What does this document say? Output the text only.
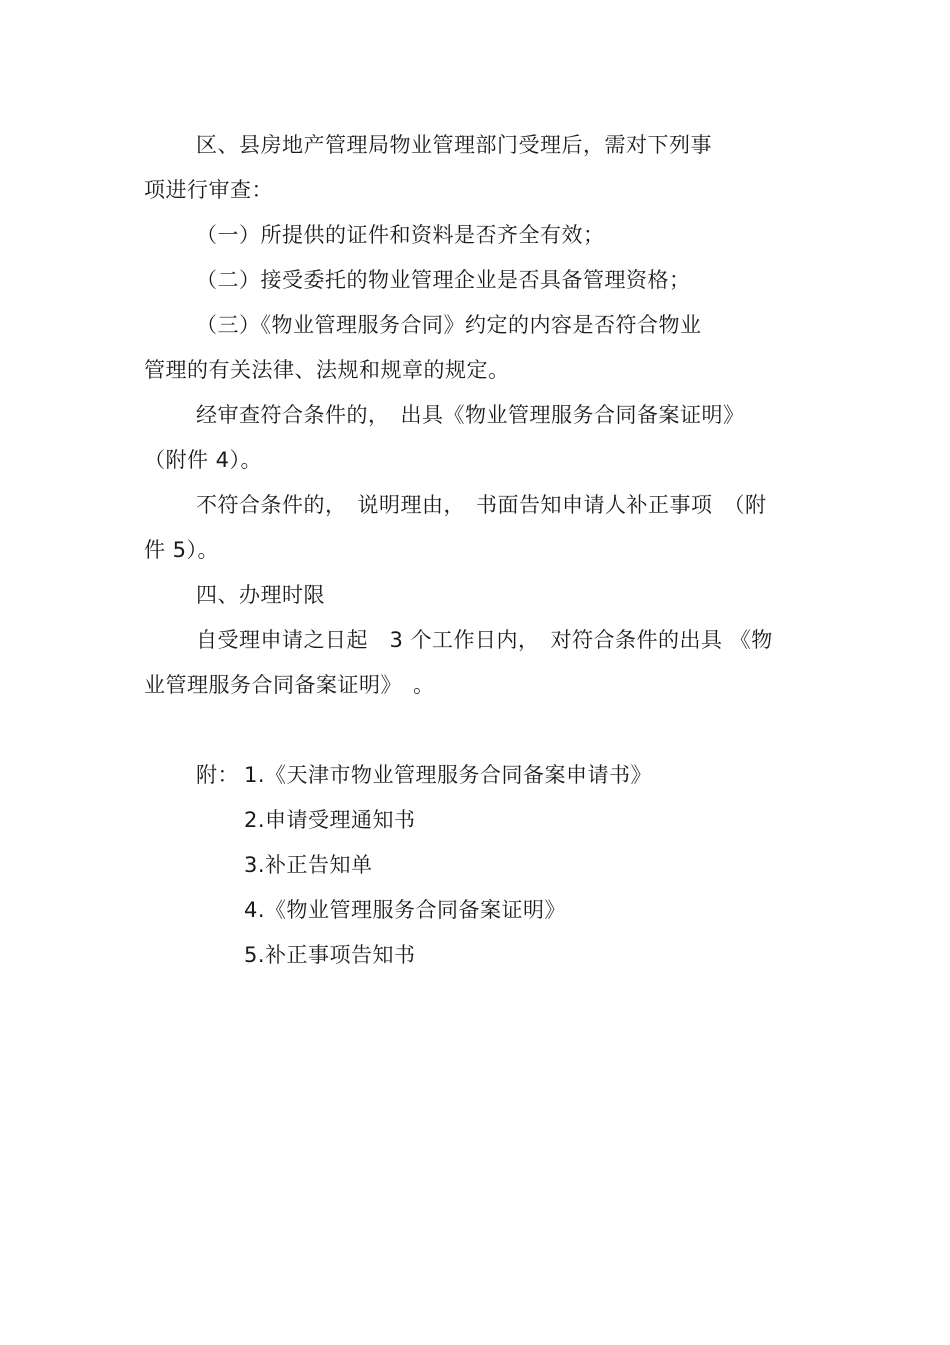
区、县房地产管理局物业管理部门受理后，需对下列事
项进行审查：
（一）所提供的证件和资料是否齐全有效；
（二）接受委托的物业管理企业是否具备管理资格；
（三）《物业管理服务合同》约定的内容是否符合物业
管理的有关法律、法规和规章的规定。
经审查符合条件的，　出具《物业管理服务合同备案证明》
（附件 4）。
不符合条件的，　说明理由，　书面告知申请人补正事项　（附
件 5）。
四、办理时限
自受理申请之日起　3 个工作日内，　对符合条件的出具 《物
业管理服务合同备案证明》　。
附： 1.《天津市物业管理服务合同备案申请书》
2.申请受理通知书
3.补正告知单
4.《物业管理服务合同备案证明》
5.补正事项告知书
